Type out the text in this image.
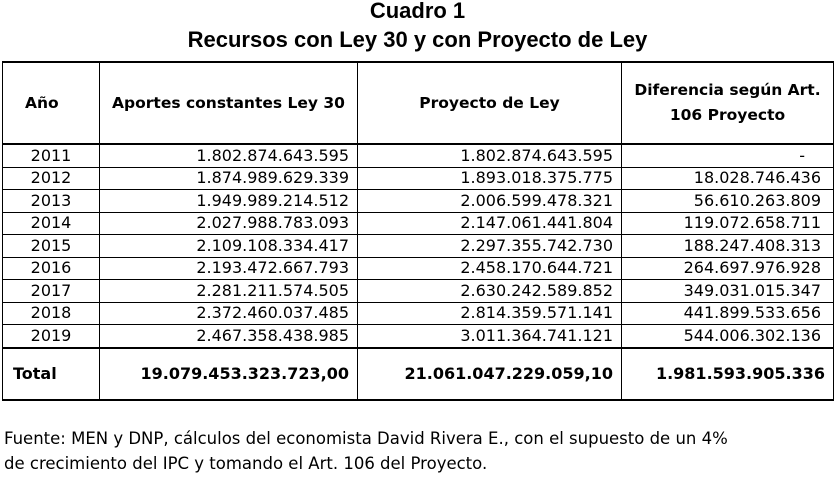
Cuadro 1
Recursos con Ley 30 y con Proyecto de Ley
Año	Aportes constantes Ley 30	Proyecto de Ley	Diferencia según Art. 106 Proyecto
2011	1.802.874.643.595	1.802.874.643.595	-
2012	1.874.989.629.339	1.893.018.375.775	18.028.746.436
2013	1.949.989.214.512	2.006.599.478.321	56.610.263.809
2014	2.027.988.783.093	2.147.061.441.804	119.072.658.711
2015	2.109.108.334.417	2.297.355.742.730	188.247.408.313
2016	2.193.472.667.793	2.458.170.644.721	264.697.976.928
2017	2.281.211.574.505	2.630.242.589.852	349.031.015.347
2018	2.372.460.037.485	2.814.359.571.141	441.899.533.656
2019	2.467.358.438.985	3.011.364.741.121	544.006.302.136
Total	19.079.453.323.723,00	21.061.047.229.059,10	1.981.593.905.336
Fuente: MEN y DNP, cálculos del economista David Rivera E., con el supuesto de un 4%
de crecimiento del IPC y tomando el Art. 106 del Proyecto.
